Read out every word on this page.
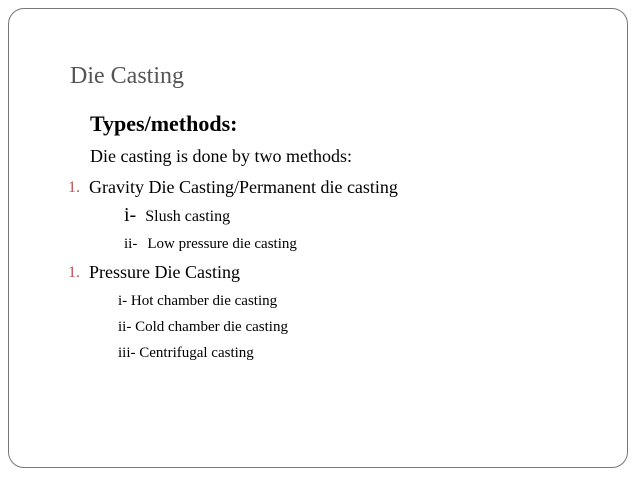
Die Casting
Types/methods:
Die casting is done by two methods:
1. Gravity Die Casting/Permanent die casting
i- Slush casting
ii- Low pressure die casting
1. Pressure Die Casting
i- Hot chamber die casting
ii- Cold chamber die casting
iii- Centrifugal casting
